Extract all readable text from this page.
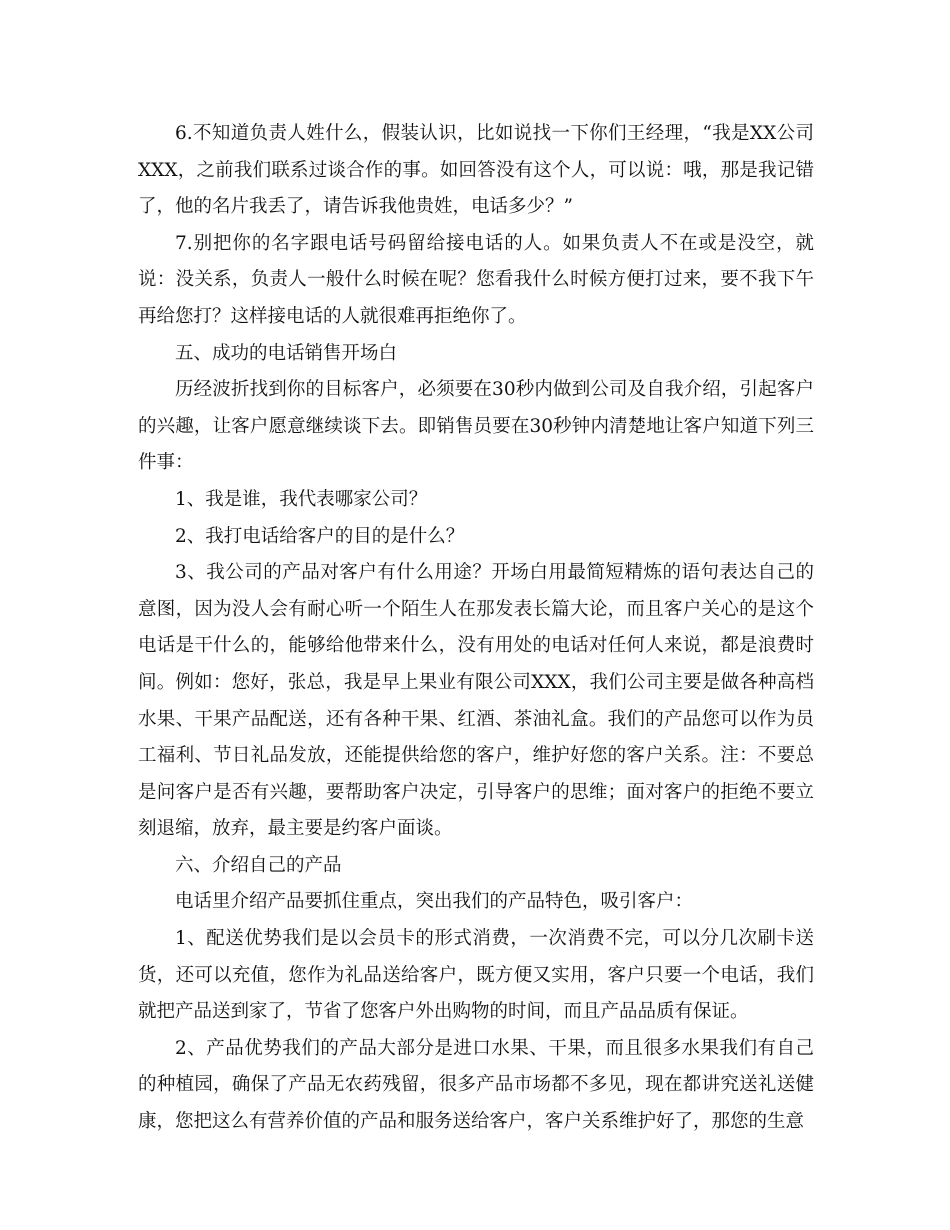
6.不知道负责人姓什么，假装认识，比如说找一下你们王经理，“我是XX公司XXX，之前我们联系过谈合作的事。如回答没有这个人，可以说：哦，那是我记错了，他的名片我丢了，请告诉我他贵姓，电话多少？”

7.别把你的名字跟电话号码留给接电话的人。如果负责人不在或是没空，就说：没关系，负责人一般什么时候在呢？您看我什么时候方便打过来，要不我下午再给您打？这样接电话的人就很难再拒绝你了。

五、成功的电话销售开场白

历经波折找到你的目标客户，必须要在30秒内做到公司及自我介绍，引起客户的兴趣，让客户愿意继续谈下去。即销售员要在30秒钟内清楚地让客户知道下列三件事：

1、我是谁，我代表哪家公司？

2、我打电话给客户的目的是什么？

3、我公司的产品对客户有什么用途？开场白用最简短精炼的语句表达自己的意图，因为没人会有耐心听一个陌生人在那发表长篇大论，而且客户关心的是这个电话是干什么的，能够给他带来什么，没有用处的电话对任何人来说，都是浪费时间。例如：您好，张总，我是早上果业有限公司XXX，我们公司主要是做各种高档水果、干果产品配送，还有各种干果、红酒、茶油礼盒。我们的产品您可以作为员工福利、节日礼品发放，还能提供给您的客户，维护好您的客户关系。注：不要总是问客户是否有兴趣，要帮助客户决定，引导客户的思维；面对客户的拒绝不要立刻退缩，放弃，最主要是约客户面谈。

六、介绍自己的产品

电话里介绍产品要抓住重点，突出我们的产品特色，吸引客户：

1、配送优势我们是以会员卡的形式消费，一次消费不完，可以分几次刷卡送货，还可以充值，您作为礼品送给客户，既方便又实用，客户只要一个电话，我们就把产品送到家了，节省了您客户外出购物的时间，而且产品品质有保证。

2、产品优势我们的产品大部分是进口水果、干果，而且很多水果我们有自己的种植园，确保了产品无农药残留，很多产品市场都不多见，现在都讲究送礼送健康，您把这么有营养价值的产品和服务送给客户，客户关系维护好了，那您的生意
